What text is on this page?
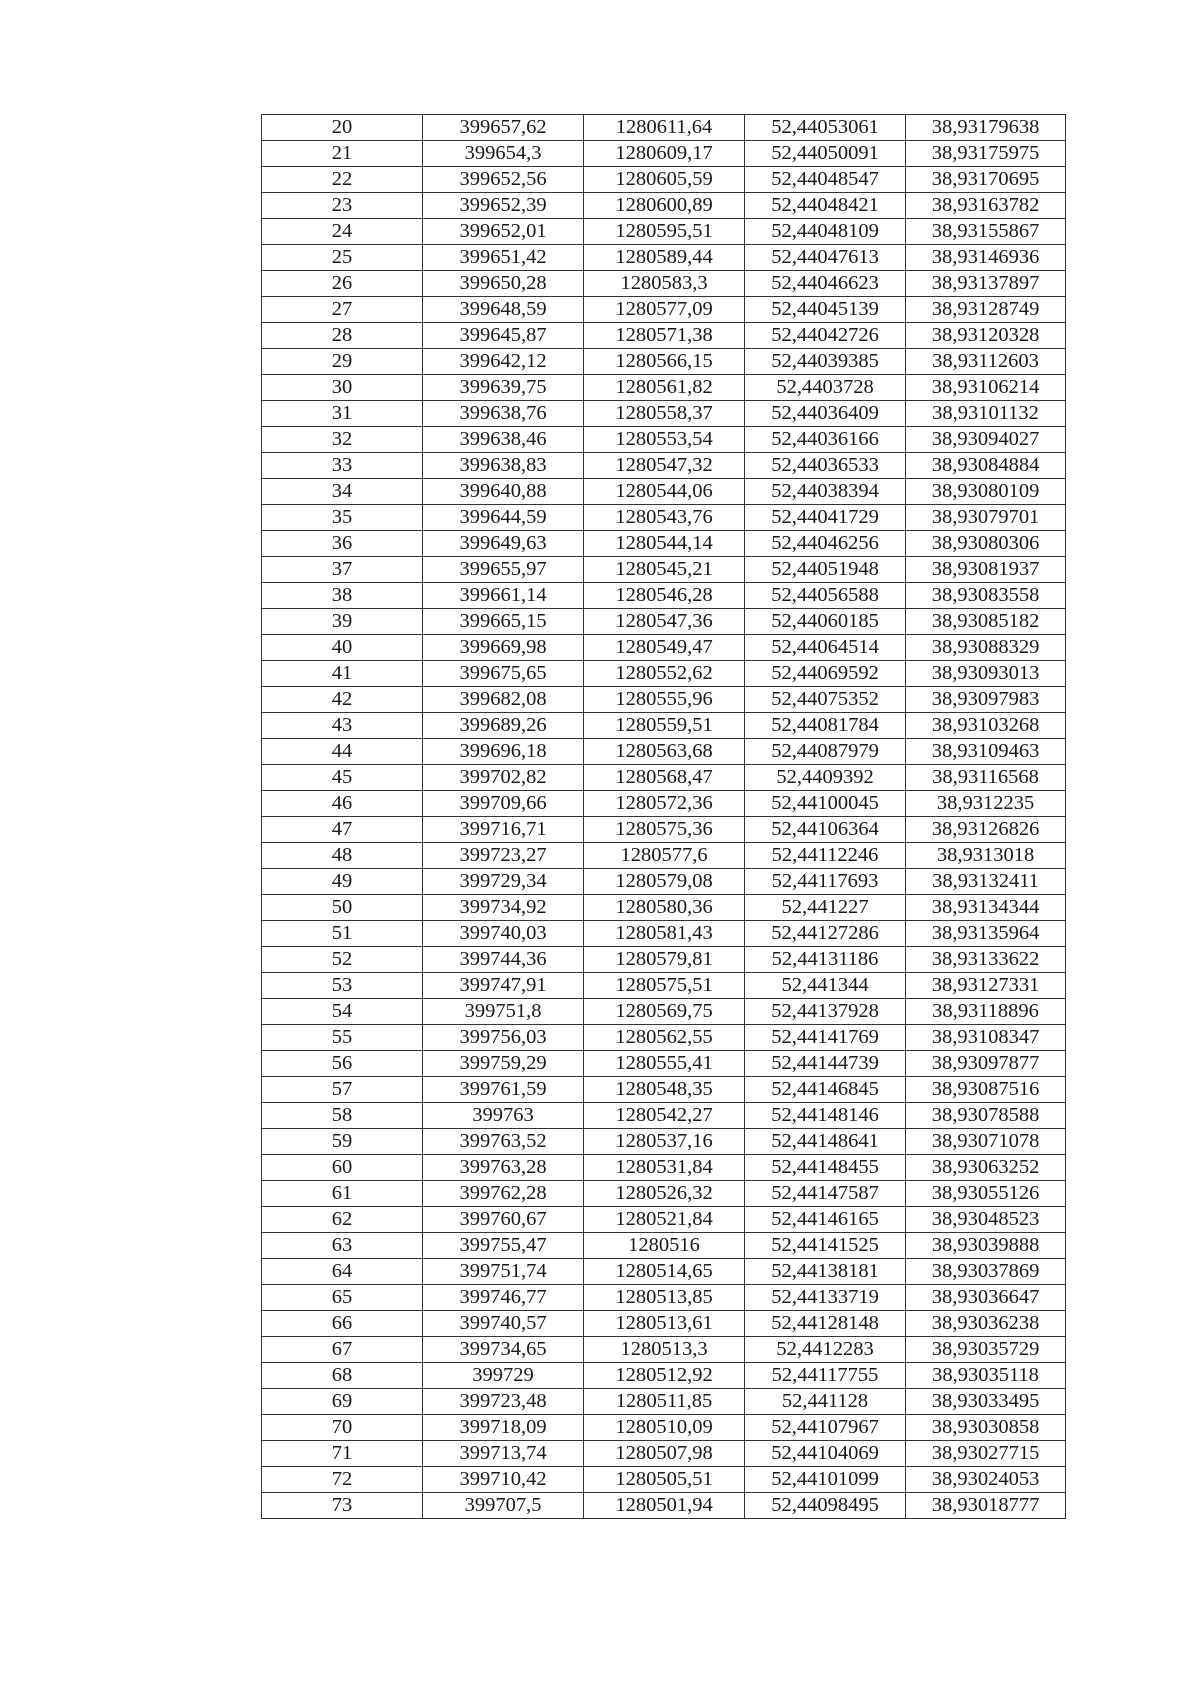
20	399657,62	1280611,64	52,44053061	38,93179638
21	399654,3	1280609,17	52,44050091	38,93175975
22	399652,56	1280605,59	52,44048547	38,93170695
23	399652,39	1280600,89	52,44048421	38,93163782
24	399652,01	1280595,51	52,44048109	38,93155867
25	399651,42	1280589,44	52,44047613	38,93146936
26	399650,28	1280583,3	52,44046623	38,93137897
27	399648,59	1280577,09	52,44045139	38,93128749
28	399645,87	1280571,38	52,44042726	38,93120328
29	399642,12	1280566,15	52,44039385	38,93112603
30	399639,75	1280561,82	52,4403728	38,93106214
31	399638,76	1280558,37	52,44036409	38,93101132
32	399638,46	1280553,54	52,44036166	38,93094027
33	399638,83	1280547,32	52,44036533	38,93084884
34	399640,88	1280544,06	52,44038394	38,93080109
35	399644,59	1280543,76	52,44041729	38,93079701
36	399649,63	1280544,14	52,44046256	38,93080306
37	399655,97	1280545,21	52,44051948	38,93081937
38	399661,14	1280546,28	52,44056588	38,93083558
39	399665,15	1280547,36	52,44060185	38,93085182
40	399669,98	1280549,47	52,44064514	38,93088329
41	399675,65	1280552,62	52,44069592	38,93093013
42	399682,08	1280555,96	52,44075352	38,93097983
43	399689,26	1280559,51	52,44081784	38,93103268
44	399696,18	1280563,68	52,44087979	38,93109463
45	399702,82	1280568,47	52,4409392	38,93116568
46	399709,66	1280572,36	52,44100045	38,9312235
47	399716,71	1280575,36	52,44106364	38,93126826
48	399723,27	1280577,6	52,44112246	38,9313018
49	399729,34	1280579,08	52,44117693	38,93132411
50	399734,92	1280580,36	52,441227	38,93134344
51	399740,03	1280581,43	52,44127286	38,93135964
52	399744,36	1280579,81	52,44131186	38,93133622
53	399747,91	1280575,51	52,441344	38,93127331
54	399751,8	1280569,75	52,44137928	38,93118896
55	399756,03	1280562,55	52,44141769	38,93108347
56	399759,29	1280555,41	52,44144739	38,93097877
57	399761,59	1280548,35	52,44146845	38,93087516
58	399763	1280542,27	52,44148146	38,93078588
59	399763,52	1280537,16	52,44148641	38,93071078
60	399763,28	1280531,84	52,44148455	38,93063252
61	399762,28	1280526,32	52,44147587	38,93055126
62	399760,67	1280521,84	52,44146165	38,93048523
63	399755,47	1280516	52,44141525	38,93039888
64	399751,74	1280514,65	52,44138181	38,93037869
65	399746,77	1280513,85	52,44133719	38,93036647
66	399740,57	1280513,61	52,44128148	38,93036238
67	399734,65	1280513,3	52,4412283	38,93035729
68	399729	1280512,92	52,44117755	38,93035118
69	399723,48	1280511,85	52,441128	38,93033495
70	399718,09	1280510,09	52,44107967	38,93030858
71	399713,74	1280507,98	52,44104069	38,93027715
72	399710,42	1280505,51	52,44101099	38,93024053
73	399707,5	1280501,94	52,44098495	38,93018777
